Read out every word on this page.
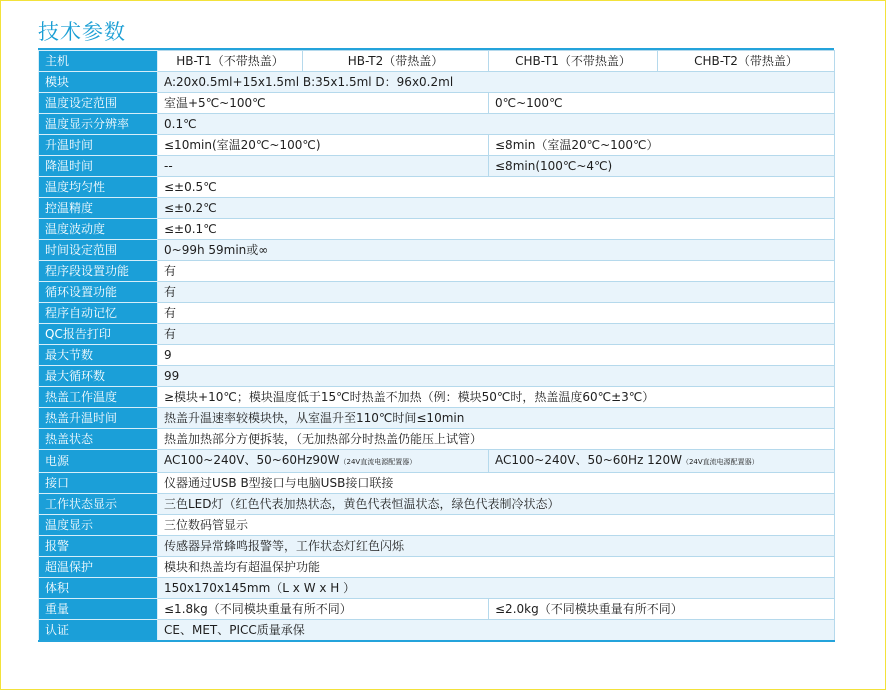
技术参数
主机	HB-T1（不带热盖）	HB-T2（带热盖）	CHB-T1（不带热盖）	CHB-T2（带热盖）
模块	A:20x0.5ml+15x1.5ml B:35x1.5ml D：96x0.2ml			
温度设定范围	室温+5℃~100℃		0℃~100℃	
温度显示分辨率	0.1℃			
升温时间	≤10min(室温20℃~100℃)		≤8min（室温20℃~100℃）	
降温时间	--		≤8min(100℃~4℃)	
温度均匀性	≤±0.5℃			
控温精度	≤±0.2℃			
温度波动度	≤±0.1℃			
时间设定范围	0~99h 59min或∞			
程序段设置功能	有			
循环设置功能	有			
程序自动记忆	有			
QC报告打印	有			
最大节数	9			
最大循环数	99			
热盖工作温度	≥模块+10℃；模块温度低于15℃时热盖不加热（例：模块50℃时，热盖温度60℃±3℃）			
热盖升温时间	热盖升温速率较模块快，从室温升至110℃时间≤10min			
热盖状态	热盖加热部分方便拆装，（无加热部分时热盖仍能压上试管）			
电源	AC100~240V、50~60Hz90W（24V直流电源配置器）		AC100~240V、50~60Hz 120W（24V直流电源配置器）	
接口	仪器通过USB B型接口与电脑USB接口联接			
工作状态显示	三色LED灯（红色代表加热状态，黄色代表恒温状态，绿色代表制冷状态）			
温度显示	三位数码管显示			
报警	传感器异常蜂鸣报警等，工作状态灯红色闪烁			
超温保护	模块和热盖均有超温保护功能			
体积	150x170x145mm（L x W x H ）			
重量	≤1.8kg（不同模块重量有所不同）		≤2.0kg（不同模块重量有所不同）	
认证	CE、MET、PICC质量承保			
